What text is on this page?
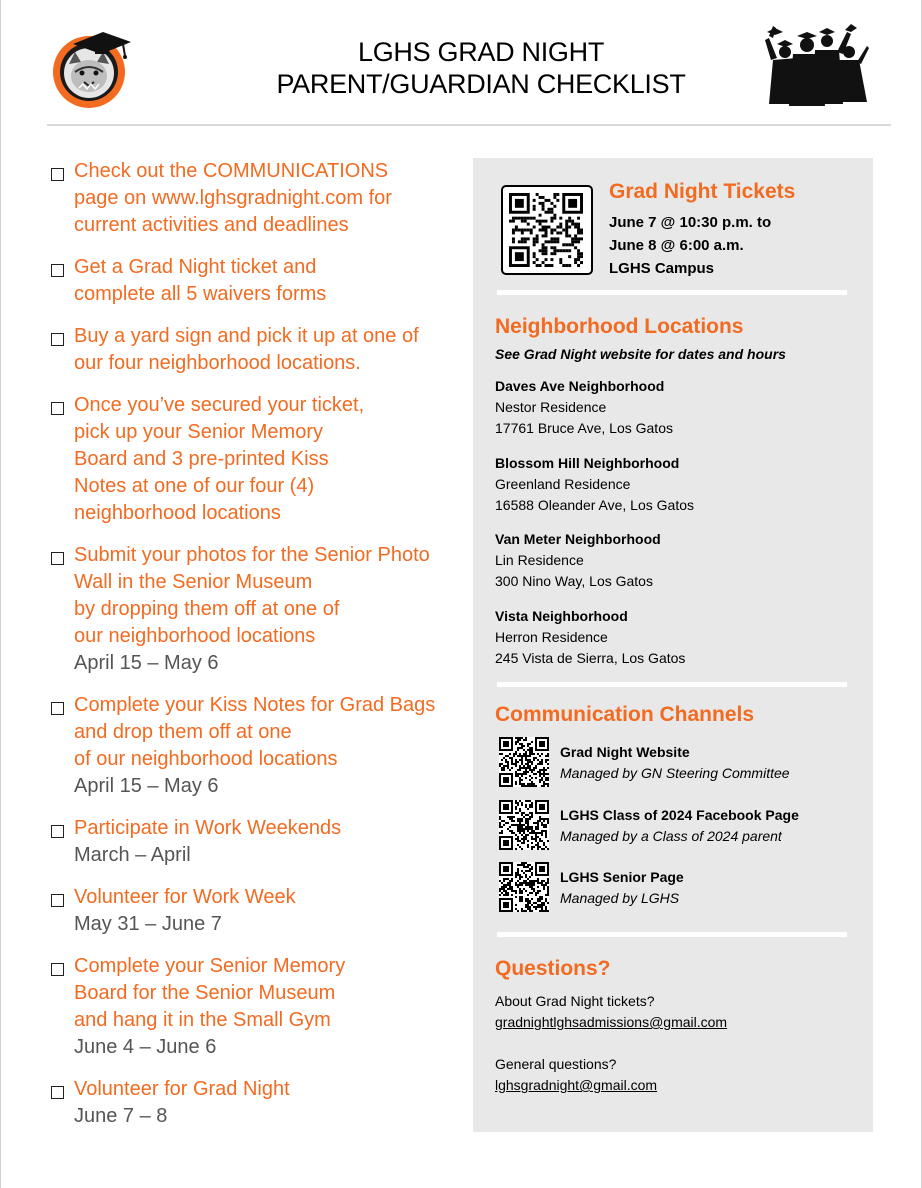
LGHS GRAD NIGHT
PARENT/GUARDIAN CHECKLIST
Check out the COMMUNICATIONS
page on www.lghsgradnight.com for
current activities and deadlines
Get a Grad Night ticket and
complete all 5 waivers forms
Buy a yard sign and pick it up at one of
our four neighborhood locations.
Once you’ve secured your ticket,
pick up your Senior Memory
Board and 3 pre-printed Kiss
Notes at one of our four (4)
neighborhood locations
Submit your photos for the Senior Photo
Wall in the Senior Museum
by dropping them off at one of
our neighborhood locations
April 15 – May 6
Complete your Kiss Notes for Grad Bags
and drop them off at one
of our neighborhood locations
April 15 – May 6
Participate in Work Weekends
March – April
Volunteer for Work Week
May 31 – June 7
Complete your Senior Memory
Board for the Senior Museum
and hang it in the Small Gym
June 4 – June 6
Volunteer for Grad Night
June 7 – 8
Grad Night Tickets
June 7 @ 10:30 p.m. to
June 8 @ 6:00 a.m.
LGHS Campus
Neighborhood Locations
See Grad Night website for dates and hours
Daves Ave Neighborhood
Nestor Residence
17761 Bruce Ave, Los Gatos
Blossom Hill Neighborhood
Greenland Residence
16588 Oleander Ave, Los Gatos
Van Meter Neighborhood
Lin Residence
300 Nino Way, Los Gatos
Vista Neighborhood
Herron Residence
245 Vista de Sierra, Los Gatos
Communication Channels
Grad Night Website
Managed by GN Steering Committee
LGHS Class of 2024 Facebook Page
Managed by a Class of 2024 parent
LGHS Senior Page
Managed by LGHS
Questions?
About Grad Night tickets?
gradnightlghsadmissions@gmail.com
General questions?
lghsgradnight@gmail.com
